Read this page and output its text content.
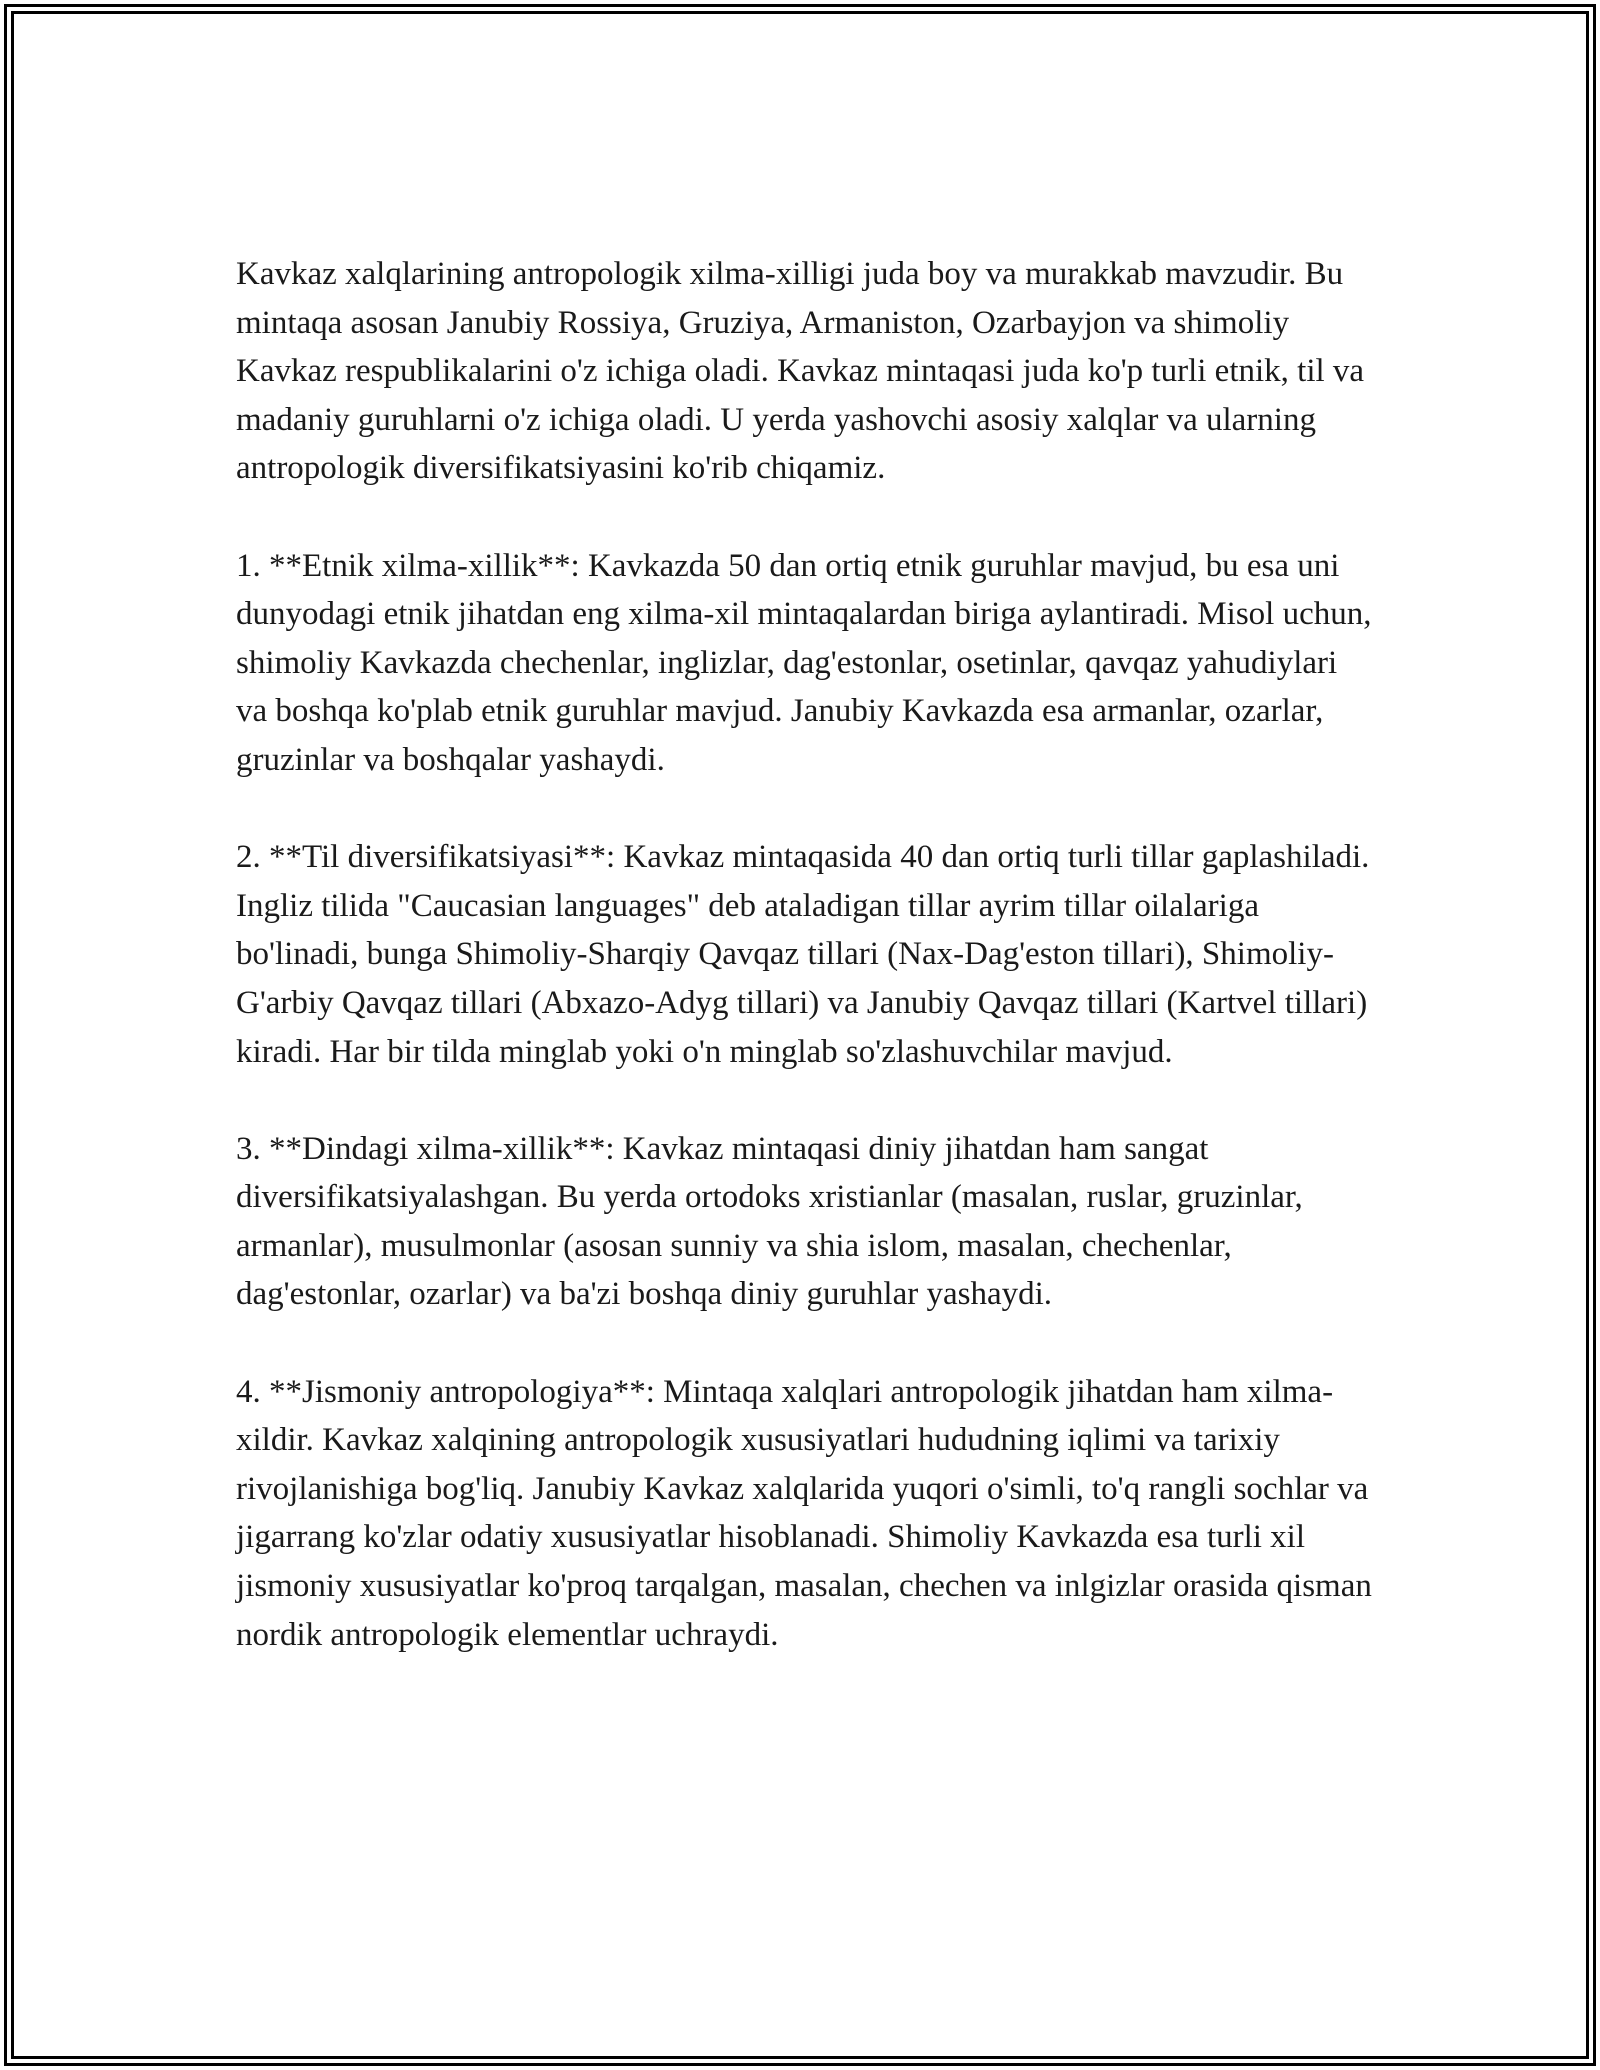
Kavkaz xalqlarining antropologik xilma-xilligi juda boy va murakkab mavzudir. Bu mintaqa asosan Janubiy Rossiya, Gruziya, Armaniston, Ozarbayjon va shimoliy Kavkaz respublikalarini o'z ichiga oladi. Kavkaz mintaqasi juda ko'p turli etnik, til va madaniy guruhlarni o'z ichiga oladi. U yerda yashovchi asosiy xalqlar va ularning antropologik diversifikatsiyasini ko'rib chiqamiz.

1. **Etnik xilma-xillik**: Kavkazda 50 dan ortiq etnik guruhlar mavjud, bu esa uni dunyodagi etnik jihatdan eng xilma-xil mintaqalardan biriga aylantiradi. Misol uchun, shimoliy Kavkazda chechenlar, inglizlar, dag'estonlar, osetinlar, qavqaz yahudiylari va boshqa ko'plab etnik guruhlar mavjud. Janubiy Kavkazda esa armanlar, ozarlar, gruzinlar va boshqalar yashaydi.

2. **Til diversifikatsiyasi**: Kavkaz mintaqasida 40 dan ortiq turli tillar gaplashiladi. Ingliz tilida "Caucasian languages" deb ataladigan tillar ayrim tillar oilalariga bo'linadi, bunga Shimoliy-Sharqiy Qavqaz tillari (Nax-Dag'eston tillari), Shimoliy-G'arbiy Qavqaz tillari (Abxazo-Adyg tillari) va Janubiy Qavqaz tillari (Kartvel tillari) kiradi. Har bir tilda minglab yoki o'n minglab so'zlashuvchilar mavjud.

3. **Dindagi xilma-xillik**: Kavkaz mintaqasi diniy jihatdan ham sangat diversifikatsiyalashgan. Bu yerda ortodoks xristianlar (masalan, ruslar, gruzinlar, armanlar), musulmonlar (asosan sunniy va shia islom, masalan, chechenlar, dag'estonlar, ozarlar) va ba'zi boshqa diniy guruhlar yashaydi.

4. **Jismoniy antropologiya**: Mintaqa xalqlari antropologik jihatdan ham xilma-xildir. Kavkaz xalqining antropologik xususiyatlari hududning iqlimi va tarixiy rivojlanishiga bog'liq. Janubiy Kavkaz xalqlarida yuqori o'simli, to'q rangli sochlar va jigarrang ko'zlar odatiy xususiyatlar hisoblanadi. Shimoliy Kavkazda esa turli xil jismoniy xususiyatlar ko'proq tarqalgan, masalan, chechen va inlgizlar orasida qisman nordik antropologik elementlar uchraydi.
